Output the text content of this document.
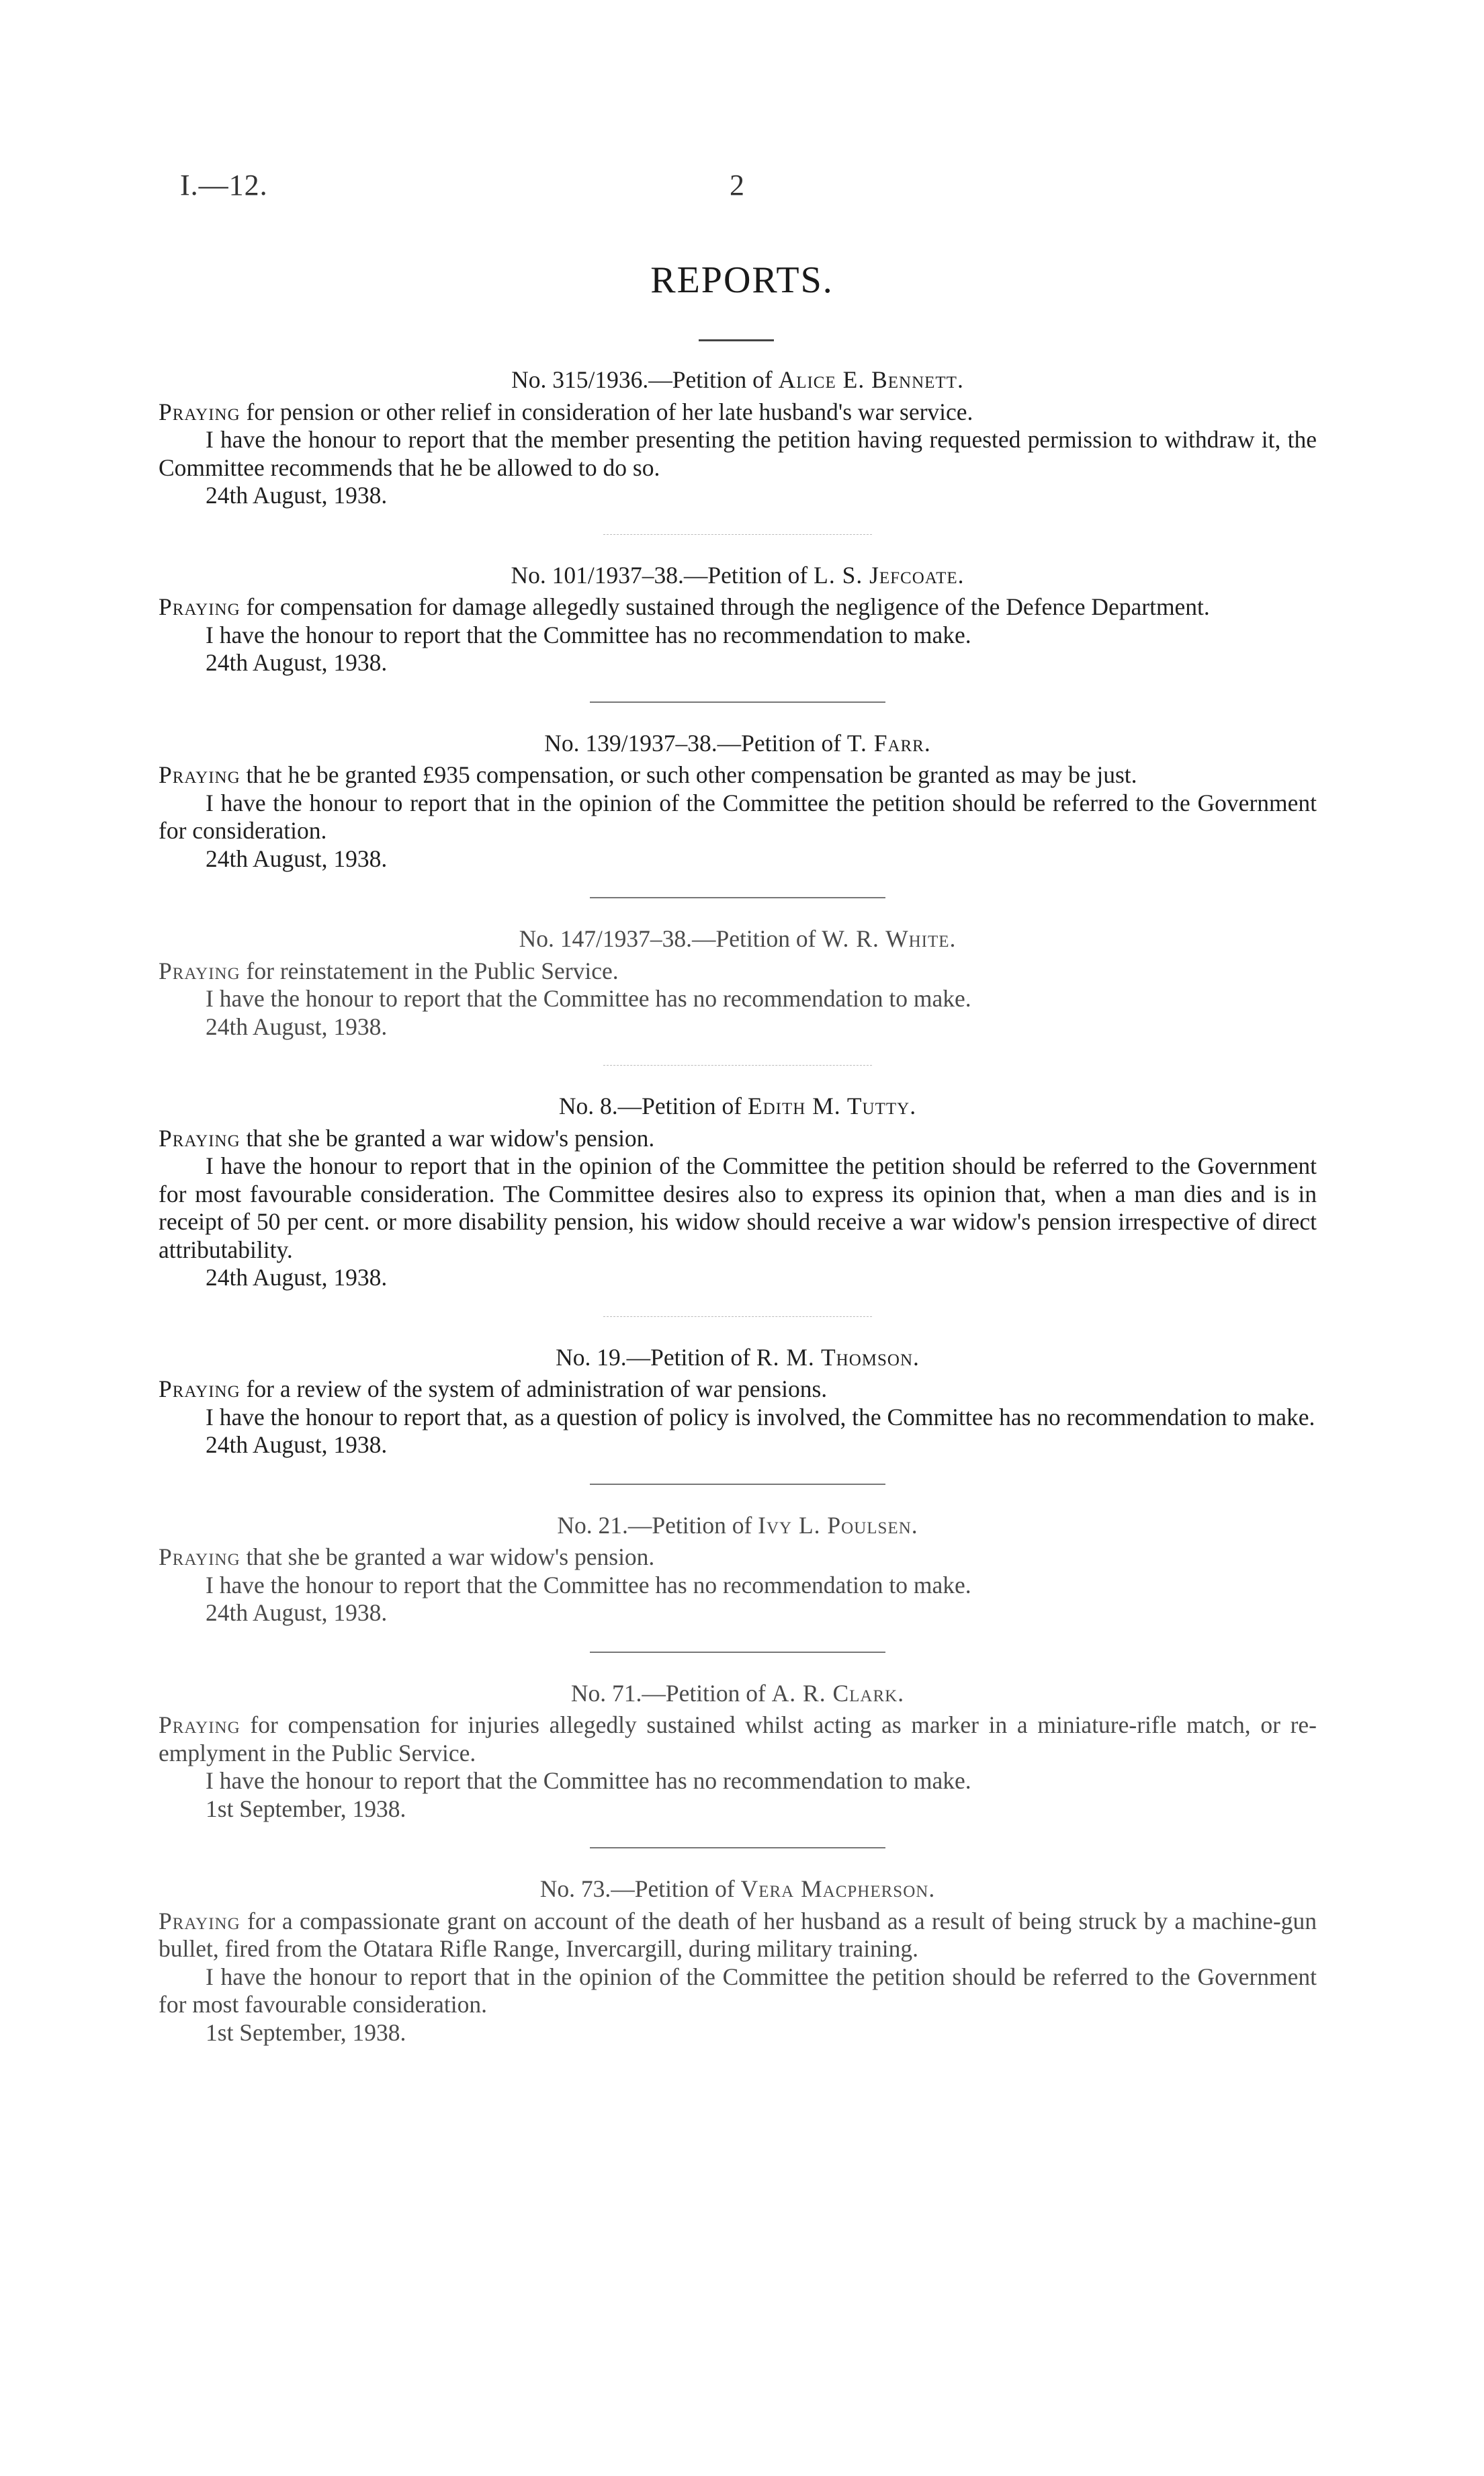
I.—12.	2
REPORTS.

No. 315/1936.—Petition of Alice E. Bennett.

Praying for pension or other relief in consideration of her late husband's war service.

I have the honour to report that the member presenting the petition having requested permission to withdraw it, the Committee recommends that he be allowed to do so.

24th August, 1938.

No. 101/1937–38.—Petition of L. S. Jefcoate.

Praying for compensation for damage allegedly sustained through the negligence of the Defence Department.

I have the honour to report that the Committee has no recommendation to make.

24th August, 1938.

No. 139/1937–38.—Petition of T. Farr.

Praying that he be granted £935 compensation, or such other compensation be granted as may be just.

I have the honour to report that in the opinion of the Committee the petition should be referred to the Government for consideration.

24th August, 1938.

No. 147/1937–38.—Petition of W. R. White.

Praying for reinstatement in the Public Service.

I have the honour to report that the Committee has no recommendation to make.

24th August, 1938.

No. 8.—Petition of Edith M. Tutty.

Praying that she be granted a war widow's pension.

I have the honour to report that in the opinion of the Committee the petition should be referred to the Government for most favourable consideration. The Committee desires also to express its opinion that, when a man dies and is in receipt of 50 per cent. or more disability pension, his widow should receive a war widow's pension irrespective of direct attributability.

24th August, 1938.

No. 19.—Petition of R. M. Thomson.

Praying for a review of the system of administration of war pensions.

I have the honour to report that, as a question of policy is involved, the Committee has no recommendation to make.

24th August, 1938.

No. 21.—Petition of Ivy L. Poulsen.

Praying that she be granted a war widow's pension.

I have the honour to report that the Committee has no recommendation to make.

24th August, 1938.

No. 71.—Petition of A. R. Clark.

Praying for compensation for injuries allegedly sustained whilst acting as marker in a miniature-rifle match, or re-emplyment in the Public Service.

I have the honour to report that the Committee has no recommendation to make.

1st September, 1938.

No. 73.—Petition of Vera Macpherson.

Praying for a compassionate grant on account of the death of her husband as a result of being struck by a machine-gun bullet, fired from the Otatara Rifle Range, Invercargill, during military training.

I have the honour to report that in the opinion of the Committee the petition should be referred to the Government for most favourable consideration.

1st September, 1938.
